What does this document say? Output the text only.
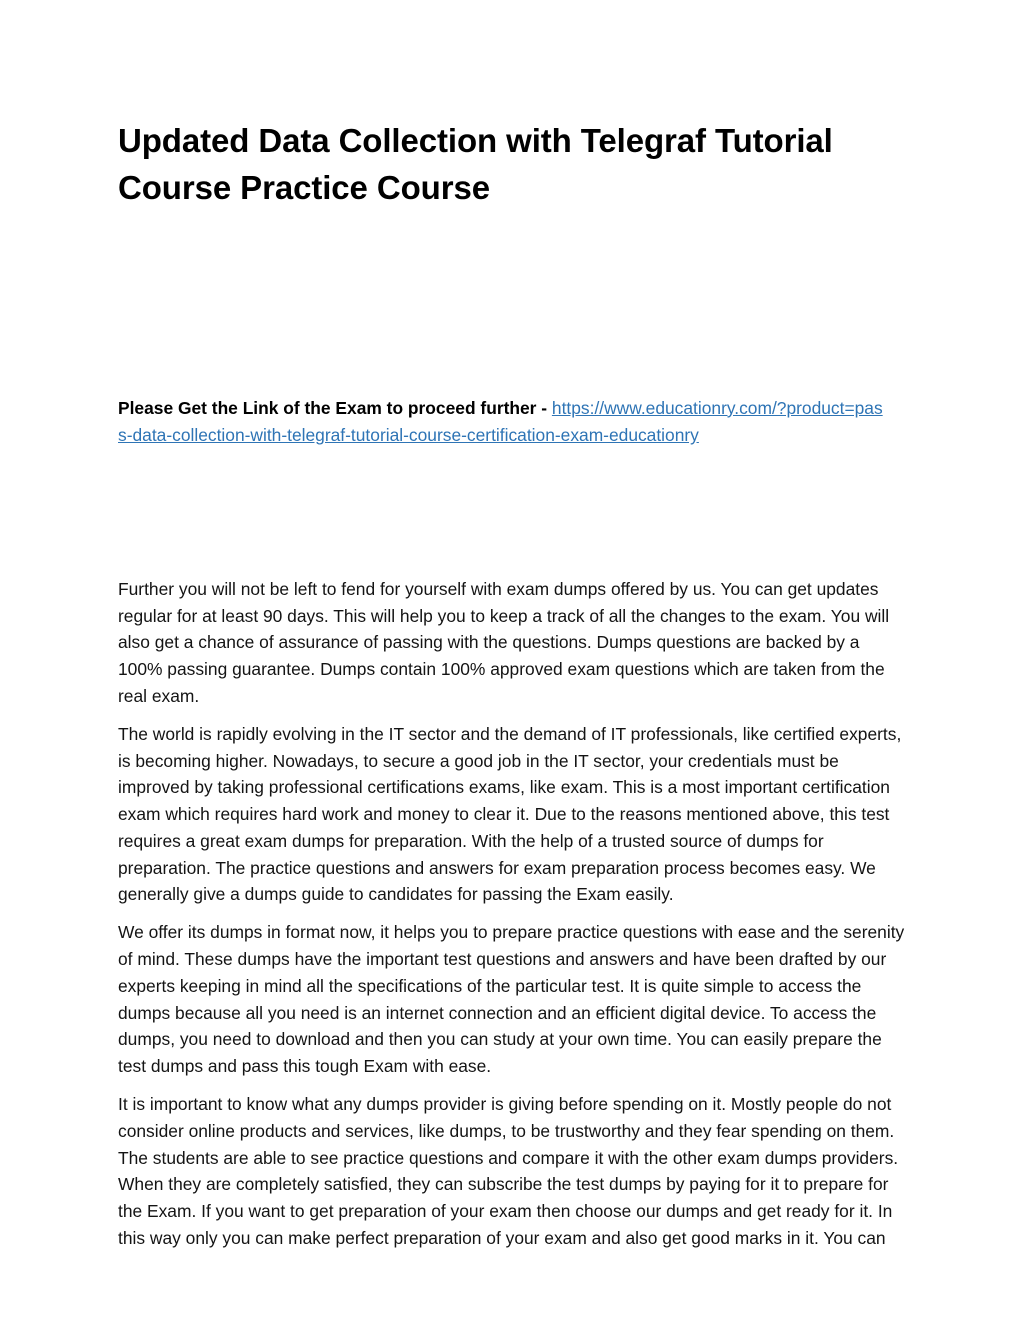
Updated Data Collection with Telegraf Tutorial Course Practice Course

Please Get the Link of the Exam to proceed further - https://www.educationry.com/?product=pass-data-collection-with-telegraf-tutorial-course-certification-exam-educationry

Further you will not be left to fend for yourself with exam dumps offered by us. You can get updates regular for at least 90 days. This will help you to keep a track of all the changes to the exam. You will also get a chance of assurance of passing with the questions. Dumps questions are backed by a 100% passing guarantee. Dumps contain 100% approved exam questions which are taken from the real exam.

The world is rapidly evolving in the IT sector and the demand of IT professionals, like certified experts, is becoming higher. Nowadays, to secure a good job in the IT sector, your credentials must be improved by taking professional certifications exams, like exam. This is a most important certification exam which requires hard work and money to clear it. Due to the reasons mentioned above, this test requires a great exam dumps for preparation. With the help of a trusted source of dumps for preparation. The practice questions and answers for exam preparation process becomes easy. We generally give a dumps guide to candidates for passing the Exam easily.

We offer its dumps in format now, it helps you to prepare practice questions with ease and the serenity of mind. These dumps have the important test questions and answers and have been drafted by our experts keeping in mind all the specifications of the particular test. It is quite simple to access the dumps because all you need is an internet connection and an efficient digital device. To access the dumps, you need to download and then you can study at your own time. You can easily prepare the test dumps and pass this tough Exam with ease.

It is important to know what any dumps provider is giving before spending on it. Mostly people do not consider online products and services, like dumps, to be trustworthy and they fear spending on them. The students are able to see practice questions and compare it with the other exam dumps providers. When they are completely satisfied, they can subscribe the test dumps by paying for it to prepare for the Exam. If you want to get preparation of your exam then choose our dumps and get ready for it. In this way only you can make perfect preparation of your exam and also get good marks in it. You can
